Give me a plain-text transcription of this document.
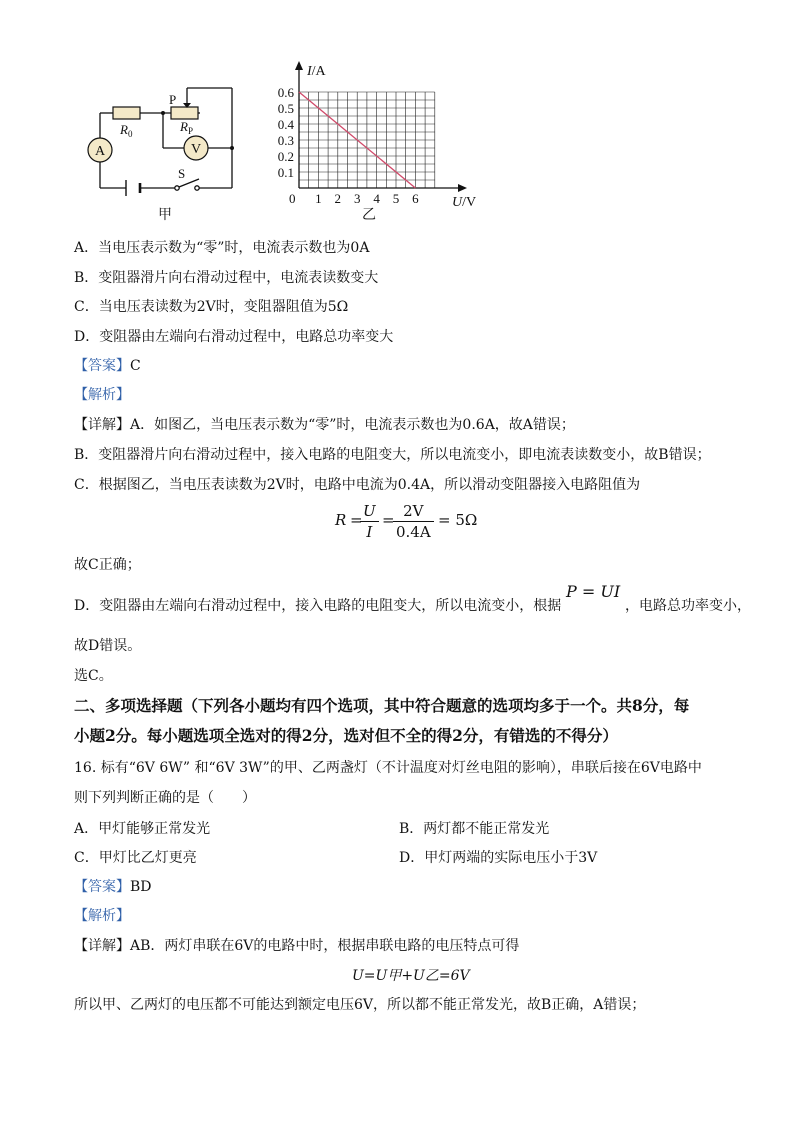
A	V
P
$R_0$	$R_P$
S
甲
1 2 3 4 5 6
0.1
0.2
0.3
0.4
0.5
0.6
I/A
U/V
0
乙
A．当电压表示数为“零”时，电流表示数也为0A
B．变阻器滑片向右滑动过程中，电流表读数变大
C．当电压表读数为2V时，变阻器阻值为5Ω
D．变阻器由左端向右滑动过程中，电路总功率变大
【答案】C
【解析】
【详解】A．如图乙，当电压表示数为“零”时，电流表示数也为0.6A，故A错误；
B．变阻器滑片向右滑动过程中，接入电路的电阻变大，所以电流变小，即电流表读数变小，故B错误；
C．根据图乙，当电压表读数为2V时，电路中电流为0.4A，所以滑动变阻器接入电路阻值为
R =
$\frac{U}{I}$ =
$\frac{2V}{0.4A} = 5\Omega$
故C正确；
D．变阻器由左端向右滑动过程中，接入电路的电阻变大，所以电流变小，根据
P = UI
，电路总功率变小，
故D错误。
选C。
二、多项选择题（下列各小题均有四个选项，其中符合题意的选项均多于一个。共8分，每
小题2分。每小题选项全选对的得2分，选对但不全的得2分，有错选的不得分）
16. 标有“6V 6W” 和“6V 3W”的甲、乙两盏灯（不计温度对灯丝电阻的影响），串联后接在6V电路中
则下列判断正确的是（　　）
A．甲灯能够正常发光	B．两灯都不能正常发光
C．甲灯比乙灯更亮	D．甲灯两端的实际电压小于3V
【答案】BD
【解析】
【详解】AB．两灯串联在6V的电路中时，根据串联电路的电压特点可得
U=U甲+U乙=6V
所以甲、乙两灯的电压都不可能达到额定电压6V，所以都不能正常发光，故B正确，A错误；
